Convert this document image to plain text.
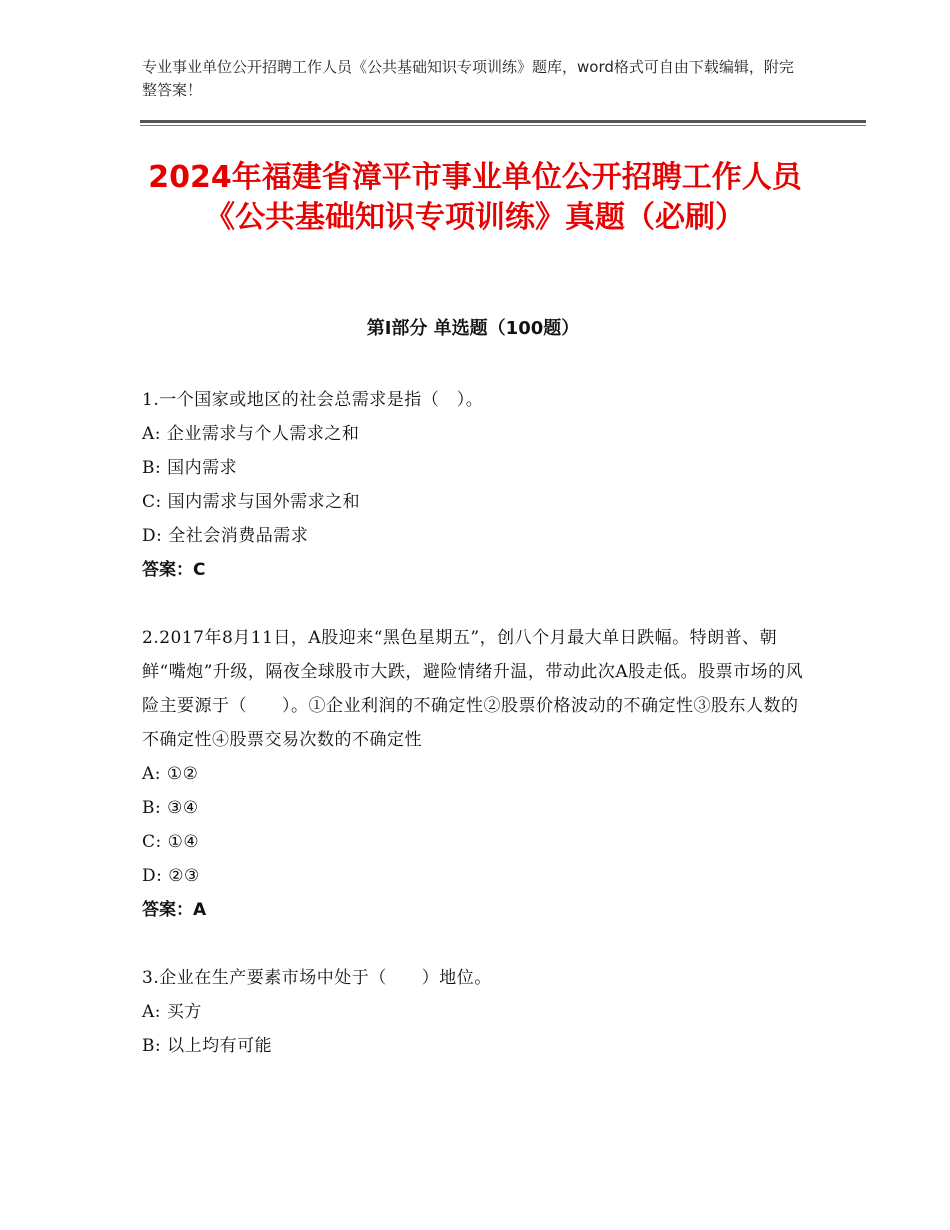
专业事业单位公开招聘工作人员《公共基础知识专项训练》题库，word格式可自由下载编辑，附完整答案！
2024年福建省漳平市事业单位公开招聘工作人员《公共基础知识专项训练》真题（必刷）
第Ⅰ部分 单选题（100题）
1.一个国家或地区的社会总需求是指（　）。
A: 企业需求与个人需求之和
B: 国内需求
C: 国内需求与国外需求之和
D: 全社会消费品需求
答案：C
2.2017年8月11日，A股迎来“黑色星期五”，创八个月最大单日跌幅。特朗普、朝鲜“嘴炮”升级，隔夜全球股市大跌，避险情绪升温，带动此次A股走低。股票市场的风险主要源于（　　）。①企业利润的不确定性②股票价格波动的不确定性③股东人数的不确定性④股票交易次数的不确定性
A: ①②
B: ③④
C: ①④
D: ②③
答案：A
3.企业在生产要素市场中处于（　　）地位。
A: 买方
B: 以上均有可能
